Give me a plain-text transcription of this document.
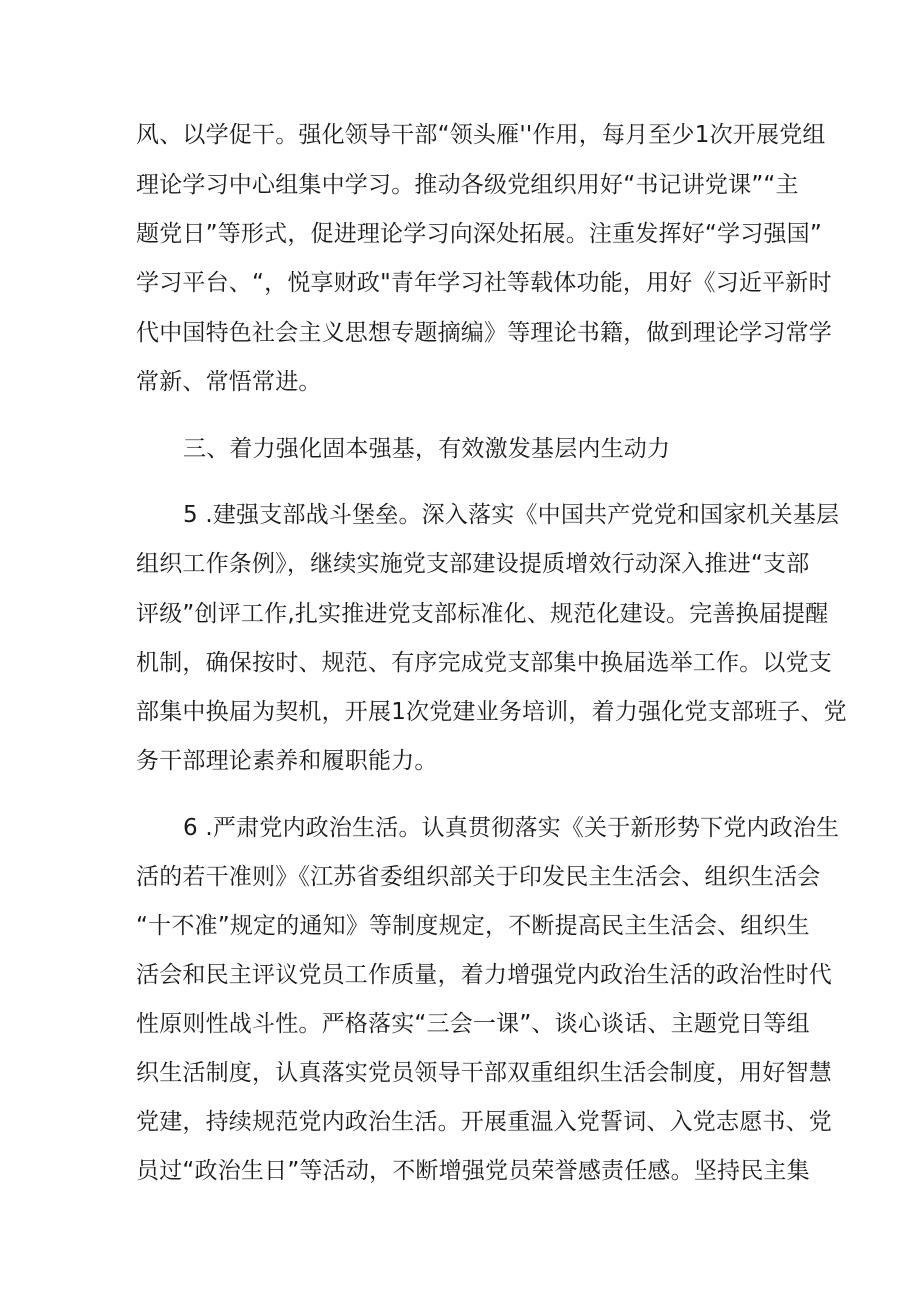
风、以学促干。强化领导干部“领头雁''作用，每月至少1次开展党组
理论学习中心组集中学习。推动各级党组织用好“书记讲党课”“主
题党日”等形式，促进理论学习向深处拓展。注重发挥好“学习强国”
学习平台、“，悦享财政"青年学习社等载体功能，用好《习近平新时
代中国特色社会主义思想专题摘编》等理论书籍，做到理论学习常学
常新、常悟常进。
三、着力强化固本强基，有效激发基层内生动力
5 .建强支部战斗堡垒。深入落实《中国共产党党和国家机关基层
组织工作条例》，继续实施党支部建设提质增效行动深入推进“支部
评级”创评工作,扎实推进党支部标准化、规范化建设。完善换届提醒
机制，确保按时、规范、有序完成党支部集中换届选举工作。以党支
部集中换届为契机，开展1次党建业务培训，着力强化党支部班子、党
务干部理论素养和履职能力。
6 .严肃党内政治生活。认真贯彻落实《关于新形势下党内政治生
活的若干准则》《江苏省委组织部关于印发民主生活会、组织生活会
“十不准”规定的通知》等制度规定，不断提高民主生活会、组织生
活会和民主评议党员工作质量，着力增强党内政治生活的政治性时代
性原则性战斗性。严格落实“三会一课”、谈心谈话、主题党日等组
织生活制度，认真落实党员领导干部双重组织生活会制度，用好智慧
党建，持续规范党内政治生活。开展重温入党誓词、入党志愿书、党
员过“政治生日”等活动，不断增强党员荣誉感责任感。坚持民主集
